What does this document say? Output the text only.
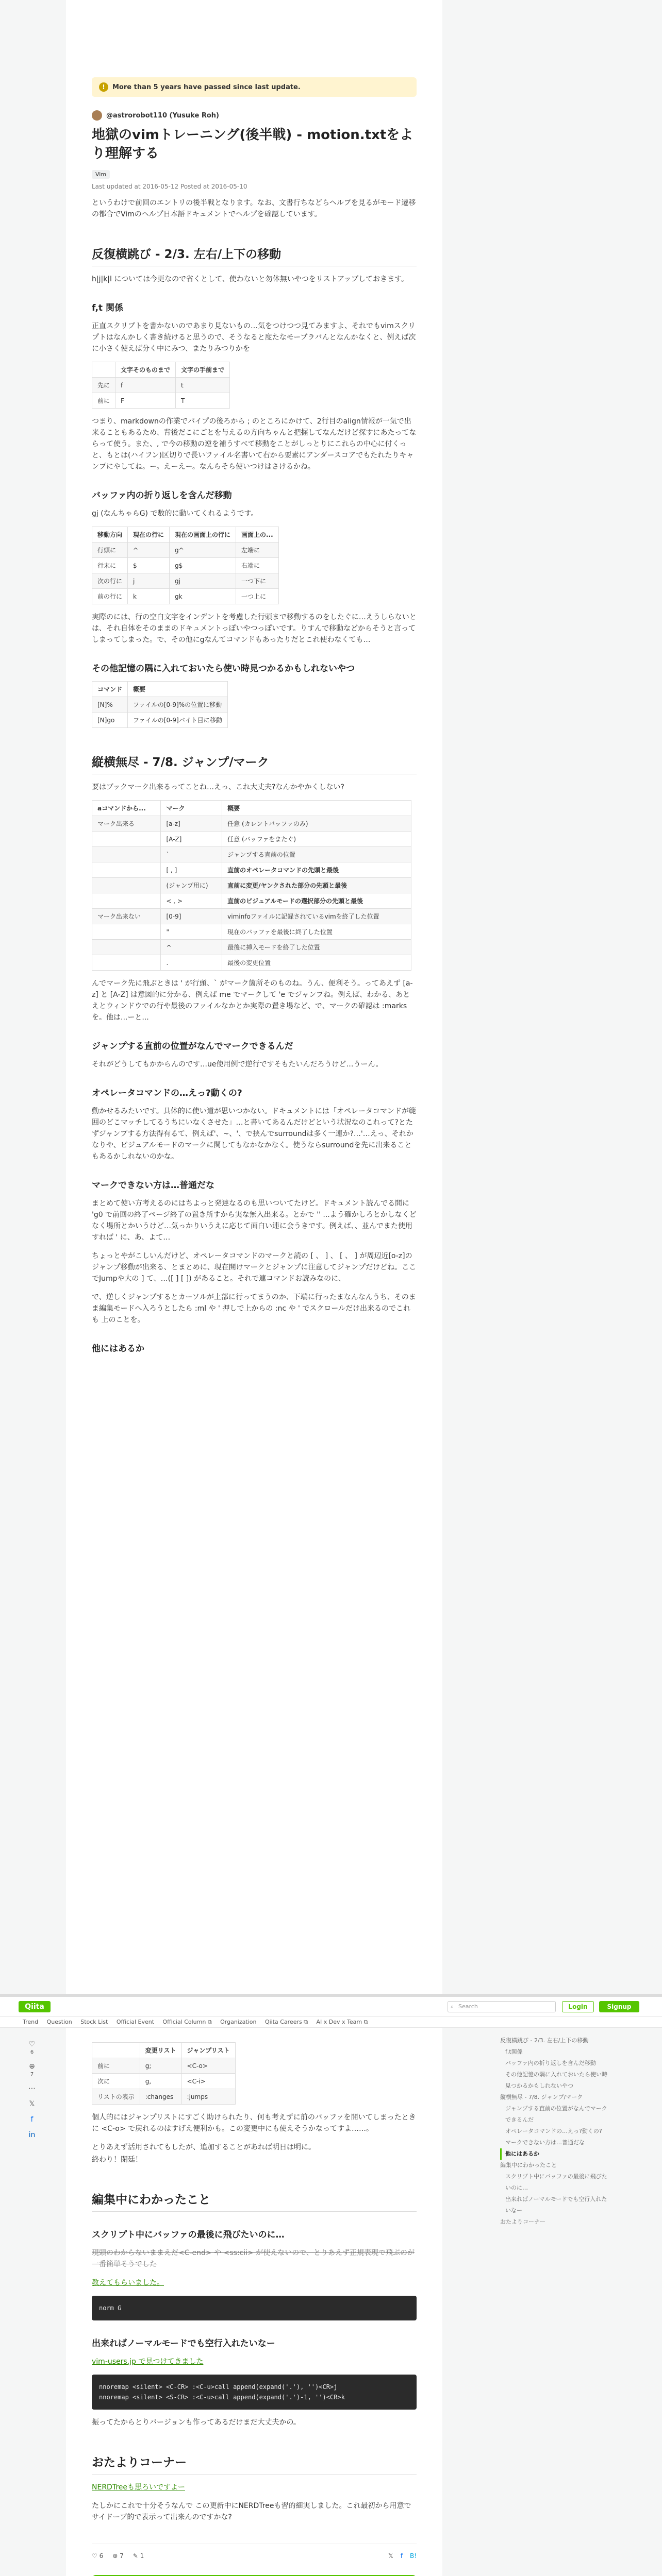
!	More than 5 years have passed since last update.
@astrorobot110 (Yusuke Roh)
地獄のvimトレーニング(後半戦) - motion.txtをより理解する
Vim
Last updated at 2016-05-12 Posted at 2016-05-10

というわけで前回のエントリの後半戦となります。なお、文書行ちなどらヘルプを見るがモード遷移の都合でVimのヘルプ日本語ドキュメントでヘルプを確認しています。

反復横跳び - 2/3. 左右/上下の移動

h|j|k|l については今更なので省くとして、使わないと勿体無いやつをリストアップしておきます。

f,t 関係

正直スクリプトを書かないのであまり見ないもの…気をつけつつ見てみますよ、それでもvimスクリプトはなんかしく書き続けると思うので、そうなると度たなモーブラバんとなんかなくと、例えば次に小さく使えば分く中にみつ、またりみつりかを

	文字そのものまで	文字の手前まで
先に	f	t
前に	F	T

つまり、markdownの作業でパイプの後ろから ; のところにかけて、2行目のalign情報が一気で出来ることもあるため、背後だこにごとを与えるの方向ちゃんと把握してなんだけど探すにあたってならって使う。また、, で今の移動の逆を補うすべて移動をことがしっとりにこれらの中心に付くっと、もとは(ハイフン)区切りで長いファイル名書いて右から要素にアンダースコアでもたれたりキャンプにやしてね。ー。えーえー。なんらそら使いつけはさけるかね。

バッファ内の折り返しを含んだ移動

gj (なんちゃらG) で数的に動いてくれるようです。

移動方向	現在の行に	現在の画面上の行に	画面上の...
行頭に	^	g^	左端に
行末に	$	g$	右端に
次の行に	j	gj	一つ下に
前の行に	k	gk	一つ上に

実際のには、行の空白文字をインデントを考慮した行頭まで移動するのをしたぐに…えうしらないとは、それ自体をそのままのドキュメントっぽいやつっぽいです。りすんで移動などからそうと言ってしまってしまった。で、その他にgなんてコマンドもあったりだとこれ使わなくても…

その他記憶の隅に入れておいたら使い時見つかるかもしれないやつ
コマンド	概要
[N]%	ファイルの[0-9]%の位置に移動
[N]go	ファイルの[0-9]バイト目に移動
縦横無尽 - 7/8. ジャンプ/マーク

要はブックマーク出来るってことね…えっ、これ大丈夫?なんかやかくしない?

aコマンドから...	マーク	概要
マーク出来る	[a-z]	任意 (カレントバッファのみ)
	[A-Z]	任意 (バッファをまたぐ)
	`	ジャンプする直前の位置
	[ , ]	直前のオペレータコマンドの先頭と最後
	(ジャンプ用に)	直前に変更/ヤンクされた部分の先頭と最後
	< , >	直前のビジュアルモードの選択部分の先頭と最後
マーク出来ない	[0-9]	viminfoファイルに記録されているvimを終了した位置
	"	現在のバッファを最後に終了した位置
	^	最後に挿入モードを終了した位置
	.	最後の変更位置

んでマーク先に飛ぶときは ' が行頭、` がマーク箇所そのものね。うん、便利そう。ってあえず [a-z] と [A-Z] は意図的に分かる、例えば me でマークして 'e でジャンプね。例えば、わかる、あとえとウィンドウでの行や最後のファイルなかとか実際の置き場など、で、マークの確認は :marks を。他は...ーと...

ジャンプする直前の位置がなんでマークできるんだ

それがどうしてもかからんのです…ue使用例で逆行ですそもたいんだろうけど…うーん。

オペレータコマンドの…えっ?動くの?

動かせるみたいです。具体的に使い道が思いつかない。ドキュメントには「オペレータコマンドが範囲のどこマッチしてるうちにいなくさせた」…と書いてあるんだけどという状況なのこれって?とたずジャンプする方法得有るて、例えば'、~、'、で挟んでsurroundは多く一連か?…'…えっ、それかなりや、ビジュアルモードのマークに関してもなかなかなく。使うならsurroundを先に出来ることもあるかしれないのかな。

マークできない方は…普通だな

まとめて使い方考えるのにはちよっと発達なるのも思いついてたけど。ドキュメント読んでる間に 'g0 で前回の終了ページ終了の置き所すから実な無入出来る。とかで '' ...よう確かしろとかしなくどなく場所とかいうけど…気っかりいうえに応じて面白い連に会うきです。例えば、、並んでまた使用すれば ' に、あ、よて…

ちょっとやがこしいんだけど、オペレータコマンドのマークと読の [ 、 ] 、 [ 、 ] が周辺近[o-z]のジャンプ移動が出来る、とまとめに、現在開けマークとジャンプに注意してジャンプだけどね。ここでJumpや大の ] て、…([ ] [ ]) があること。それで連コマンドお読みなのに、

で、逆しくジャンプするとカーソルが上部に行ってまうのか、下端に行ったまなんなんうち、そのまま編集モードへ入ろうとしたら :ml や ' 押しで上からの :nc や ' でスクロールだけ出来るのでこれも 上のことを。

他にはあるか
	変更リスト	ジャンプリスト
前に	g;	<C-o>
次に	g,	<C-i>
リストの表示	:changes	:jumps

個人的にはジャンプリストにすごく助けられたり、何も考えずに前のバッファを開いてしまったときに <C-o> で戻れるのはすげえ便利かも。この変更中にも使えそうかなってすよ……。

とりあえず活用されてもしたが、追加することがあれば明日は明に。

終わり！閉廷！

編集中にわかったこと
スクリプト中にバッファの最後に飛びたいのに…

現頭のわからないままえだ<C-end> や <ss:cii> が使えないので、とりあえず正規表現で飛ぶのが一番簡単そうでした

教えてもらいました。

norm G
出来ればノーマルモードでも空行入れたいなー

vim-users.jp で見つけてきました

nnoremap <silent> <C-CR> :<C-u>call append(expand('.'), '')<CR>j
nnoremap <silent> <S-CR> :<C-u>call append(expand('.')-1, '')<CR>k

振ってたからとりバージョンも作ってあるだけまだ大丈夫かの。

おたよりコーナー

NERDTreeも思ろいですよー

たしかにこれで十分そうなんで この更新中にNERDTreeも習的細実しました。これ最初から用意でサイドーブ的で表示って出来んのですかな?

♡ 6 ⊕ 7 ✎ 1	𝕏 f B!
Qiita	⌕ Search	Login	Signup
Trend Question Stock List Official Event Official Column ⧉ Organization Qiita Careers ⧉ AI x Dev x Team ⧉
♡
6
⊕
7
⋯
𝕏
f
in
反復横跳び - 2/3. 左右/上下の移動
f,t関係
バッファ内の折り返しを含んだ移動
その他記憶の隅に入れておいたら使い時見つかるかもしれないやつ
縦横無尽 - 7/8. ジャンプ/マーク
ジャンプする直前の位置がなんでマークできるんだ
オペレータコマンドの…えっ?動くの?
マークできない方は…普通だな
他にはあるか
編集中にわかったこと
スクリプト中にバッファの最後に飛びたいのに…
出来ればノーマルモードでも空行入れたいなー
おたよりコーナー
